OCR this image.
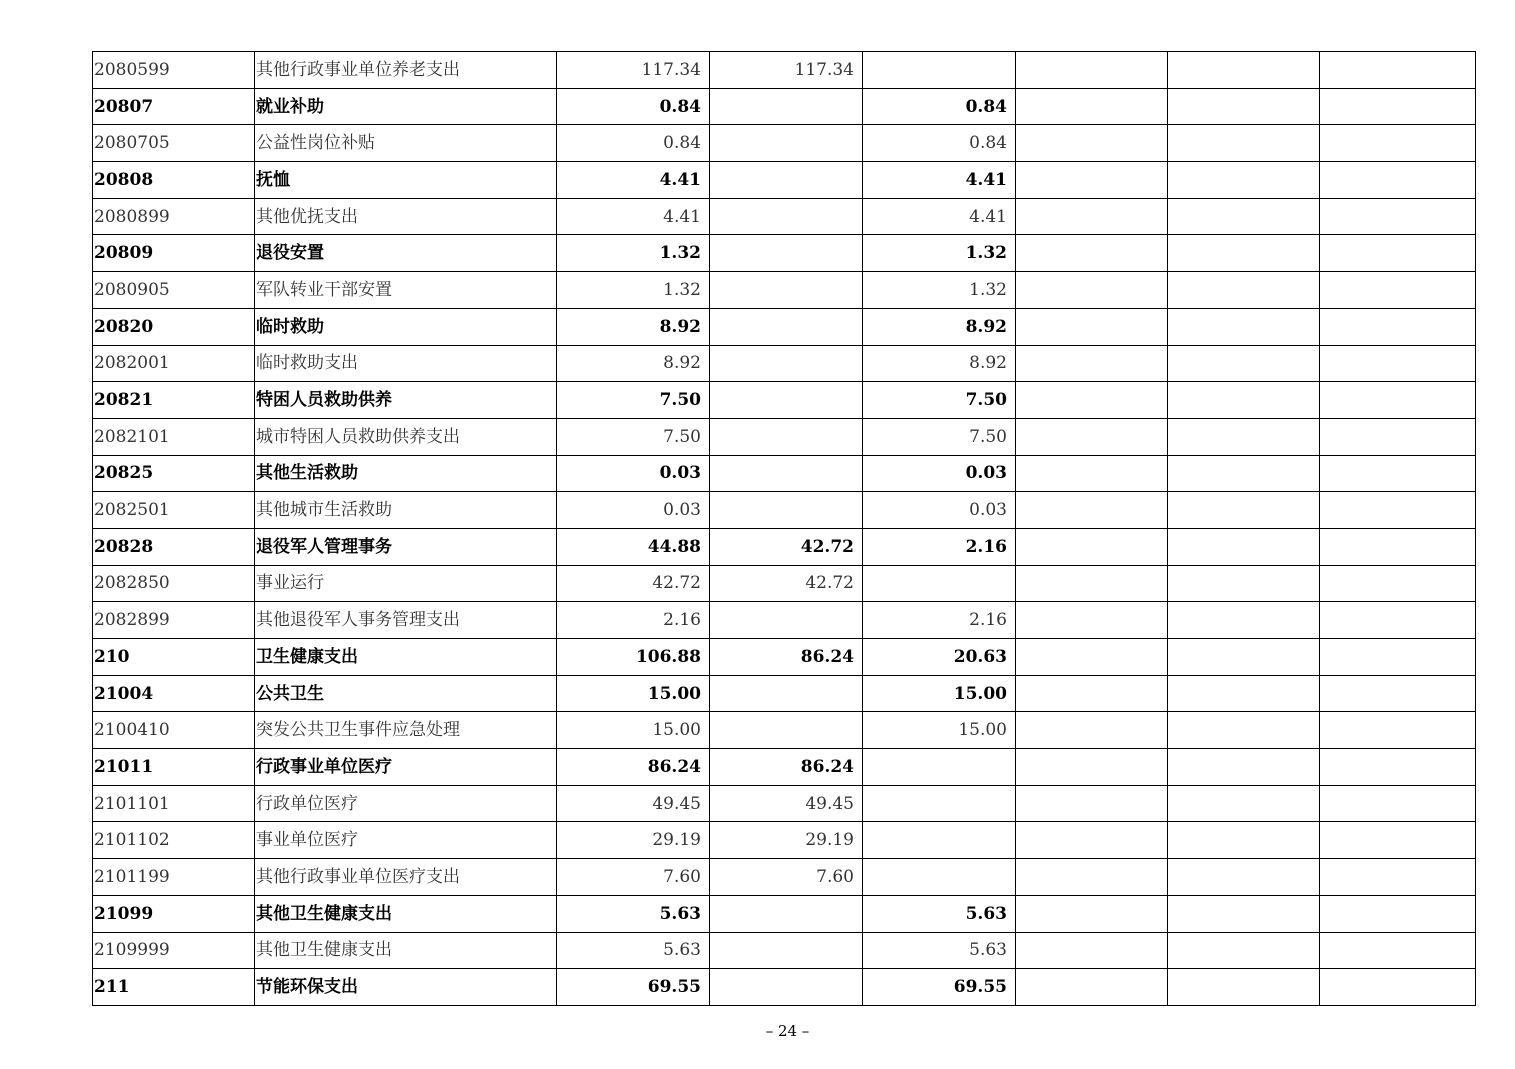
2080599	其他行政事业单位养老支出	117.34	117.34				
20807	就业补助	0.84		0.84			
2080705	公益性岗位补贴	0.84		0.84			
20808	抚恤	4.41		4.41			
2080899	其他优抚支出	4.41		4.41			
20809	退役安置	1.32		1.32			
2080905	军队转业干部安置	1.32		1.32			
20820	临时救助	8.92		8.92			
2082001	临时救助支出	8.92		8.92			
20821	特困人员救助供养	7.50		7.50			
2082101	城市特困人员救助供养支出	7.50		7.50			
20825	其他生活救助	0.03		0.03			
2082501	其他城市生活救助	0.03		0.03			
20828	退役军人管理事务	44.88	42.72	2.16			
2082850	事业运行	42.72	42.72				
2082899	其他退役军人事务管理支出	2.16		2.16			
210	卫生健康支出	106.88	86.24	20.63			
21004	公共卫生	15.00		15.00			
2100410	突发公共卫生事件应急处理	15.00		15.00			
21011	行政事业单位医疗	86.24	86.24				
2101101	行政单位医疗	49.45	49.45				
2101102	事业单位医疗	29.19	29.19				
2101199	其他行政事业单位医疗支出	7.60	7.60				
21099	其他卫生健康支出	5.63		5.63			
2109999	其他卫生健康支出	5.63		5.63			
211	节能环保支出	69.55		69.55			
– 24 –
